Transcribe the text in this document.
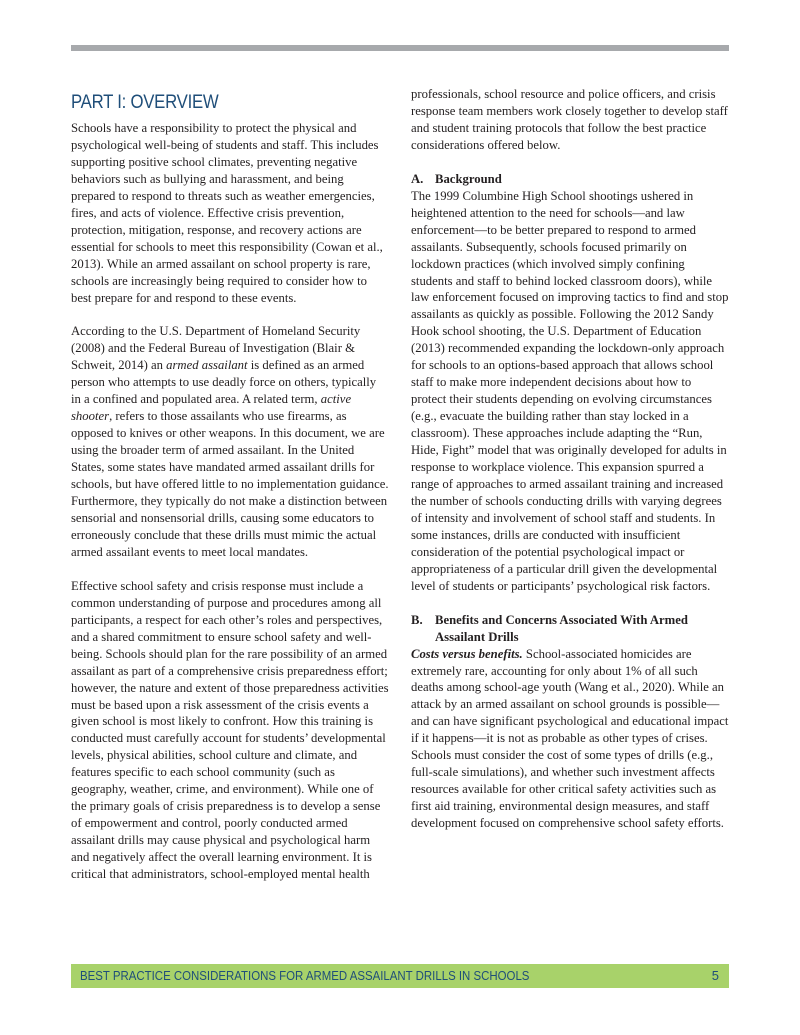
PART I: OVERVIEW

Schools have a responsibility to protect the physical and psychological well-being of students and staff. This includes supporting positive school climates, preventing negative behaviors such as bullying and harassment, and being prepared to respond to threats such as weather emergencies, fires, and acts of violence. Effective crisis prevention, protection, mitigation, response, and recovery actions are essential for schools to meet this responsibility (Cowan et al., 2013). While an armed assailant on school property is rare, schools are increasingly being required to consider how to best prepare for and respond to these events.

According to the U.S. Department of Homeland Security (2008) and the Federal Bureau of Investigation (Blair & Schweit, 2014) an armed assailant is defined as an armed person who attempts to use deadly force on others, typically in a confined and populated area. A related term, active shooter, refers to those assailants who use firearms, as opposed to knives or other weapons. In this document, we are using the broader term of armed assailant. In the United States, some states have mandated armed assailant drills for schools, but have offered little to no implementation guidance. Furthermore, they typically do not make a distinction between sensorial and nonsensorial drills, causing some educators to erroneously conclude that these drills must mimic the actual armed assailant events to meet local mandates.

Effective school safety and crisis response must include a common understanding of purpose and procedures among all participants, a respect for each other’s roles and perspectives, and a shared commitment to ensure school safety and well-being. Schools should plan for the rare possibility of an armed assailant as part of a comprehensive crisis preparedness effort; however, the nature and extent of those preparedness activities must be based upon a risk assessment of the crisis events a given school is most likely to confront. How this training is conducted must carefully account for students’ developmental levels, physical abilities, school culture and climate, and features specific to each school community (such as geography, weather, crime, and environment). While one of the primary goals of crisis preparedness is to develop a sense of empowerment and control, poorly conducted armed assailant drills may cause physical and psychological harm and negatively affect the overall learning environment. It is critical that administrators, school-employed mental health

professionals, school resource and police officers, and crisis response team members work closely together to develop staff and student training protocols that follow the best practice considerations offered below.

A. Background

The 1999 Columbine High School shootings ushered in heightened attention to the need for schools—and law enforcement—to be better prepared to respond to armed assailants. Subsequently, schools focused primarily on lockdown practices (which involved simply confining students and staff to behind locked classroom doors), while law enforcement focused on improving tactics to find and stop assailants as quickly as possible. Following the 2012 Sandy Hook school shooting, the U.S. Department of Education (2013) recommended expanding the lockdown-only approach for schools to an options-based approach that allows school staff to make more independent decisions about how to protect their students depending on evolving circumstances (e.g., evacuate the building rather than stay locked in a classroom). These approaches include adapting the “Run, Hide, Fight” model that was originally developed for adults in response to workplace violence. This expansion spurred a range of approaches to armed assailant training and increased the number of schools conducting drills with varying degrees of intensity and involvement of school staff and students. In some instances, drills are conducted with insufficient consideration of the potential psychological impact or appropriateness of a particular drill given the developmental level of students or participants’ psychological risk factors.

B. Benefits and Concerns Associated With Armed Assailant Drills

Costs versus benefits. School-associated homicides are extremely rare, accounting for only about 1% of all such deaths among school-age youth (Wang et al., 2020). While an attack by an armed assailant on school grounds is possible—and can have significant psychological and educational impact if it happens—it is not as probable as other types of crises. Schools must consider the cost of some types of drills (e.g., full-scale simulations), and whether such investment affects resources available for other critical safety activities such as first aid training, environmental design measures, and staff development focused on comprehensive school safety efforts.

BEST PRACTICE CONSIDERATIONS FOR ARMED ASSAILANT DRILLS IN SCHOOLS	5
